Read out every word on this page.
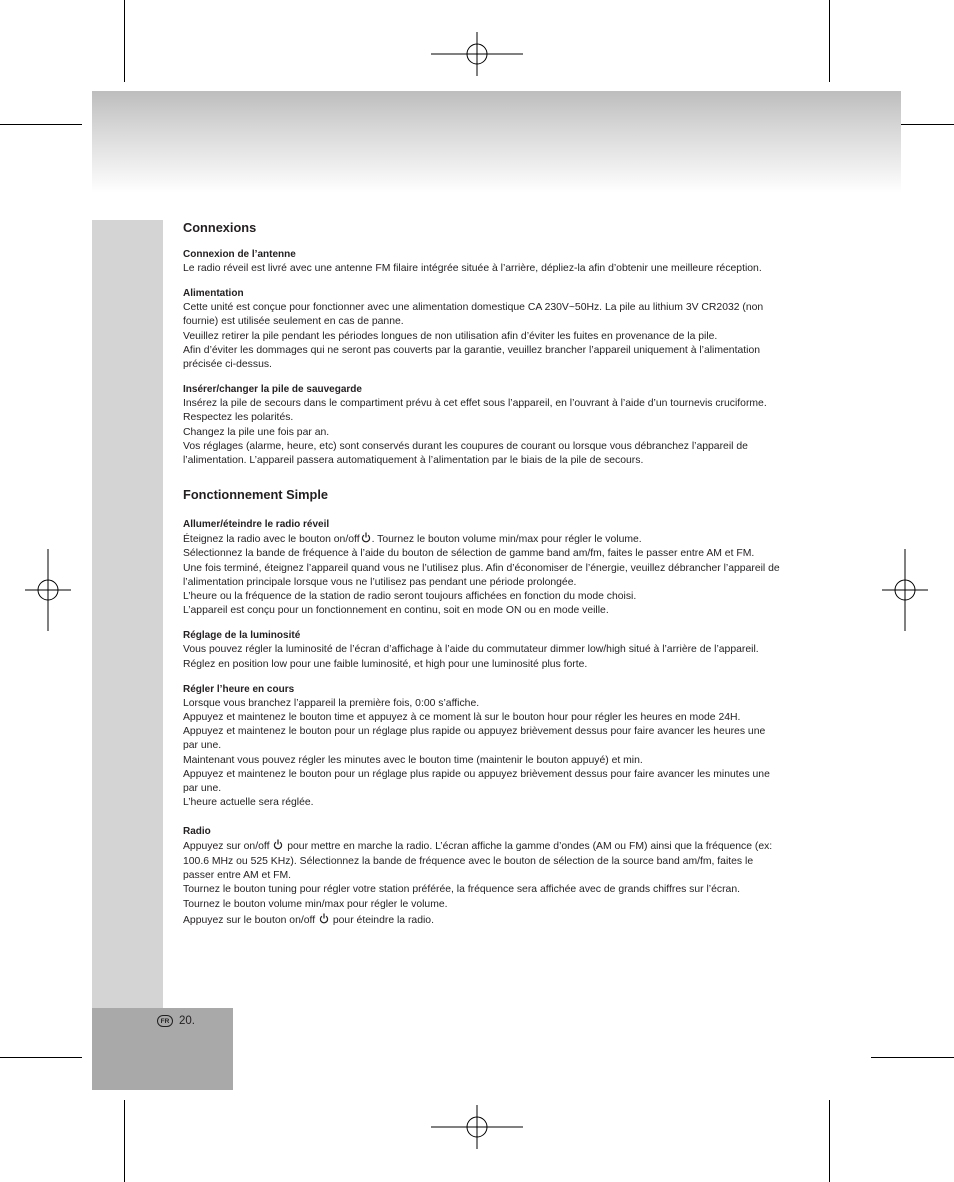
Connexions
Connexion de l’antenne

Le radio réveil est livré avec une antenne FM filaire intégrée située à l’arrière, dépliez-la afin d’obtenir une meilleure réception.

Alimentation

Cette unité est conçue pour fonctionner avec une alimentation domestique CA 230V~50Hz. La pile au lithium 3V CR2032 (non fournie) est utilisée seulement en cas de panne.

Veuillez retirer la pile pendant les périodes longues de non utilisation afin d’éviter les fuites en provenance de la pile.

Afin d’éviter les dommages qui ne seront pas couverts par la garantie, veuillez brancher l’appareil uniquement à l’alimentation précisée ci-dessus.

Insérer/changer la pile de sauvegarde

Insérez la pile de secours dans le compartiment prévu à cet effet sous l’appareil, en l’ouvrant à l’aide d’un tournevis cruciforme. Respectez les polarités.

Changez la pile une fois par an.

Vos réglages (alarme, heure, etc) sont conservés durant les coupures de courant ou lorsque vous débranchez l’appareil de l’alimentation. L’appareil passera automatiquement à l’alimentation par le biais de la pile de secours.

Fonctionnement Simple
Allumer/éteindre le radio réveil

Éteignez la radio avec le bouton on/off . Tournez le bouton volume min/max pour régler le volume.

Sélectionnez la bande de fréquence à l’aide du bouton de sélection de gamme band am/fm, faites le passer entre AM et FM.

Une fois terminé, éteignez l’appareil quand vous ne l’utilisez plus. Afin d’économiser de l’énergie, veuillez débrancher l’appareil de l’alimentation principale lorsque vous ne l’utilisez pas pendant une période prolongée.

L’heure ou la fréquence de la station de radio seront toujours affichées en fonction du mode choisi.

L’appareil est conçu pour un fonctionnement en continu, soit en mode ON ou en mode veille.

Réglage de la luminosité

Vous pouvez régler la luminosité de l’écran d’affichage à l’aide du commutateur dimmer low/high situé à l’arrière de l’appareil. Réglez en position low pour une faible luminosité, et high pour une luminosité plus forte.

Régler l’heure en cours

Lorsque vous branchez l’appareil la première fois, 0:00 s’affiche.

Appuyez et maintenez le bouton time et appuyez à ce moment là sur le bouton hour pour régler les heures en mode 24H.

Appuyez et maintenez le bouton pour un réglage plus rapide ou appuyez brièvement dessus pour faire avancer les heures une par une.

Maintenant vous pouvez régler les minutes avec le bouton time (maintenir le bouton appuyé) et min.

Appuyez et maintenez le bouton pour un réglage plus rapide ou appuyez brièvement dessus pour faire avancer les minutes une par une.

L’heure actuelle sera réglée.

Radio

Appuyez sur on/off  pour mettre en marche la radio. L’écran affiche la gamme d’ondes (AM ou FM) ainsi que la fréquence (ex: 100.6 MHz ou 525 KHz). Sélectionnez la bande de fréquence avec le bouton de sélection de la source band am/fm, faites le passer entre AM et FM.

Tournez le bouton tuning pour régler votre station préférée, la fréquence sera affichée avec de grands chiffres sur l’écran.

Tournez le bouton volume min/max pour régler le volume.

Appuyez sur le bouton on/off  pour éteindre la radio.

FR 20.
